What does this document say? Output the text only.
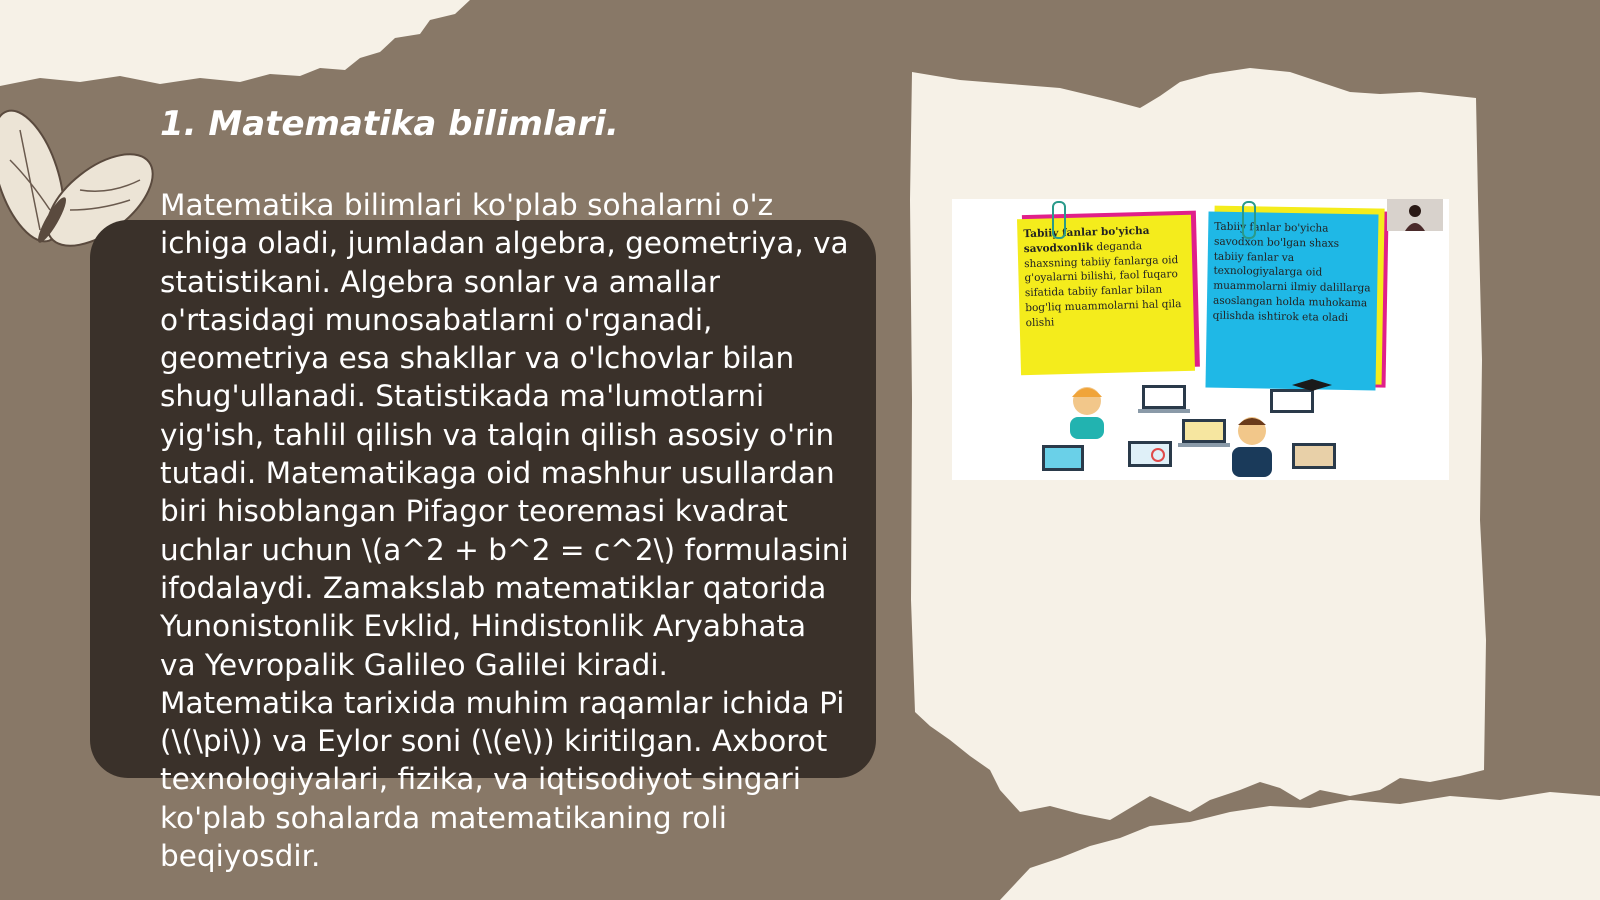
1. Matematika bilimlari.

Matematika bilimlari ko'plab sohalarni o'z ichiga oladi, jumladan algebra, geometriya, va statistikani. Algebra sonlar va amallar o'rtasidagi munosabatlarni o'rganadi, geometriya esa shakllar va o'lchovlar bilan shug'ullanadi. Statistikada ma'lumotlarni yig'ish, tahlil qilish va talqin qilish asosiy o'rin tutadi. Matematikaga oid mashhur usullardan biri hisoblangan Pifagor teoremasi kvadrat uchlar uchun \(a^2 + b^2 = c^2\) formulasini ifodalaydi. Zamakslab matematiklar qatorida Yunonistonlik Evklid, Hindistonlik Aryabhata va Yevropalik Galileo Galilei kiradi. Matematika tarixida muhim raqamlar ichida Pi (\(\pi\)) va Eylor soni (\(e\)) kiritilgan. Axborot texnologiyalari, fizika, va iqtisodiyot singari ko'plab sohalarda matematikaning roli beqiyosdir.

Tabiiy fanlar bo'yicha savodxonlik deganda shaxsning tabiiy fanlarga oid g'oyalarni bilishi, faol fuqaro sifatida tabiiy fanlar bilan bog'liq muammolarni hal qila olishi
Tabiiy fanlar bo'yicha savodxon bo'lgan shaxs tabiiy fanlar va texnologiyalarga oid muammolarni ilmiy dalillarga asoslangan holda muhokama qilishda ishtirok eta oladi
